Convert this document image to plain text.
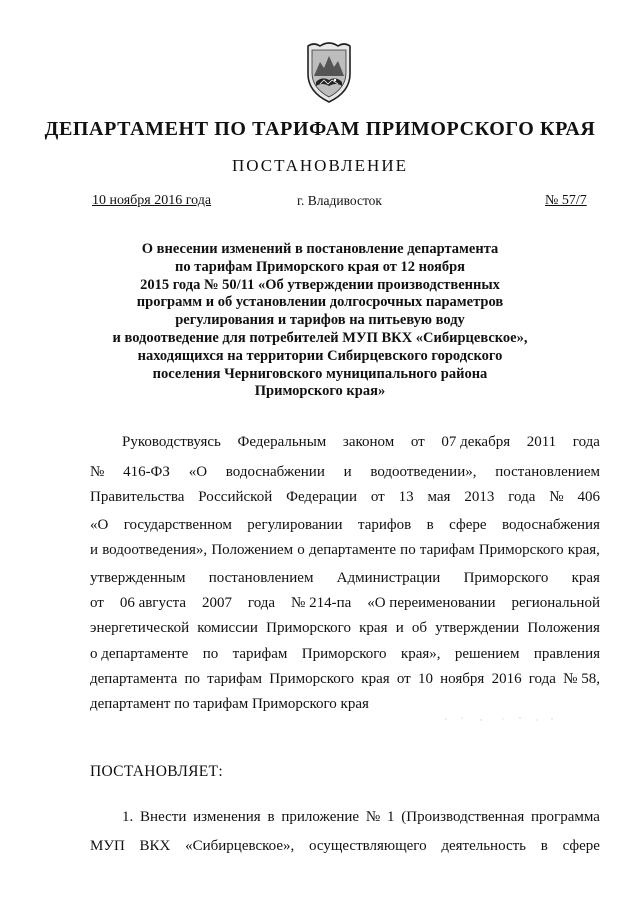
ДЕПАРТАМЕНТ ПО ТАРИФАМ ПРИМОРСКОГО КРАЯ
ПОСТАНОВЛЕНИЕ
10 ноября 2016 года	г. Владивосток	№ 57/7
О внесении изменений в постановление департамента
по тарифам Приморского края от 12 ноября
2015 года № 50/11 «Об утверждении производственных
программ и об установлении долгосрочных параметров
регулирования и тарифов на питьевую воду
и водоотведение для потребителей МУП ВКХ «Сибирцевское»,
находящихся на территории Сибирцевского городского
поселения Черниговского муниципального района
Приморского края»
Руководствуясь Федеральным законом от 07 декабря 2011 года
№ 416-ФЗ «О водоснабжении и водоотведении», постановлением
Правительства Российской Федерации от 13 мая 2013 года № 406
«О государственном регулировании тарифов в сфере водоснабжения
и водоотведения», Положением о департаменте по тарифам Приморского края,
утвержденным постановлением Администрации Приморского края
от 06 августа 2007 года № 214-па «О переименовании региональной
энергетической комиссии Приморского края и об утверждении Положения
о департаменте по тарифам Приморского края», решением правления
департамента по тарифам Приморского края от 10 ноября 2016 года № 58,
департамент по тарифам Приморского края
ПОСТАНОВЛЯЕТ:
1. Внести изменения в приложение № 1 (Производственная программа
МУП ВКХ «Сибирцевское», осуществляющего деятельность в сфере
